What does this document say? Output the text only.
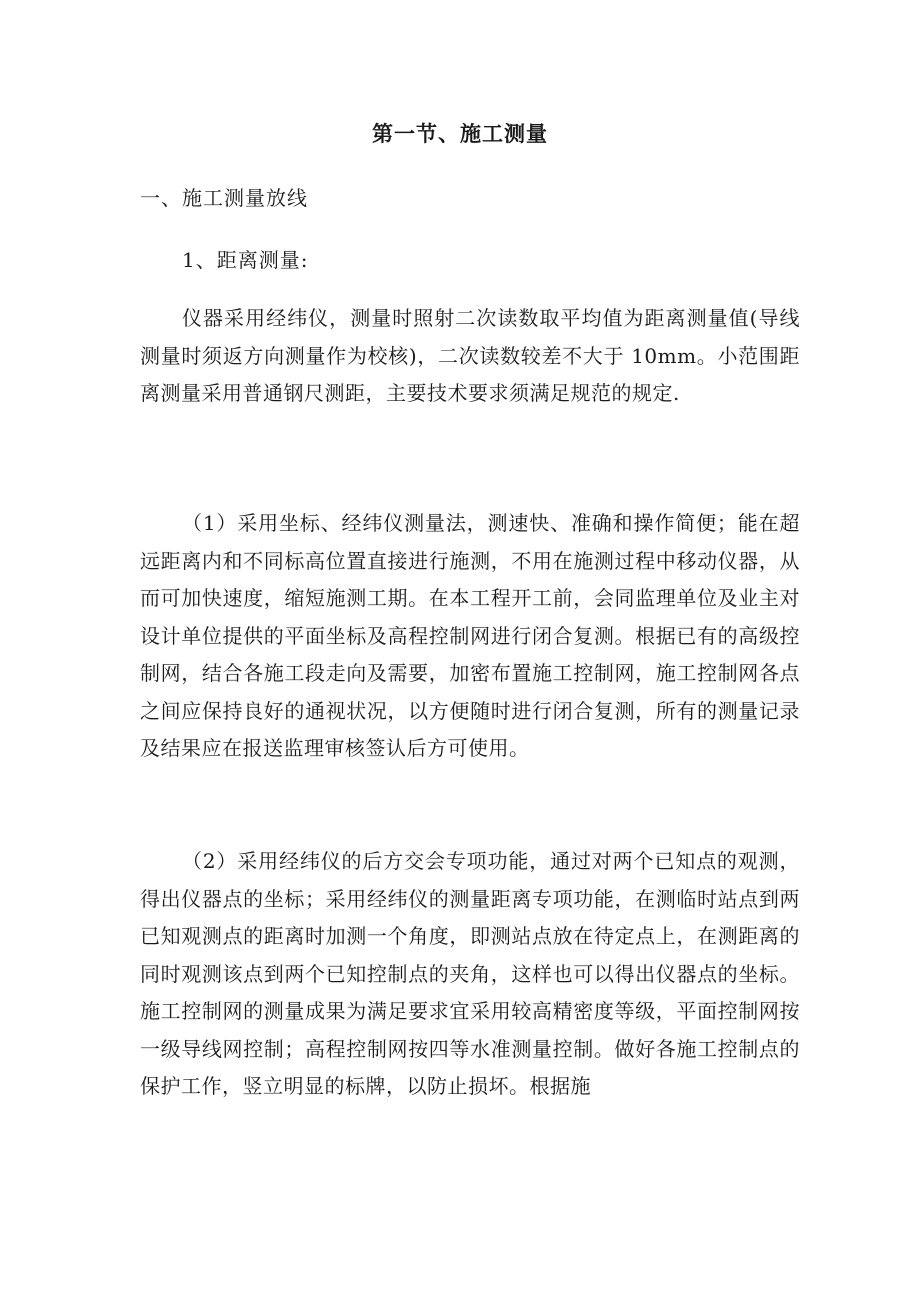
第一节、施工测量
一、施工测量放线
1、距离测量:

仪器采用经纬仪，测量时照射二次读数取平均值为距离测量值(导线测量时须返方向测量作为校核)，二次读数较差不大于 10mm。小范围距离测量采用普通钢尺测距，主要技术要求须满足规范的规定.

（1）采用坐标、经纬仪测量法，测速快、准确和操作简便；能在超远距离内和不同标高位置直接进行施测，不用在施测过程中移动仪器，从而可加快速度，缩短施测工期。在本工程开工前，会同监理单位及业主对设计单位提供的平面坐标及高程控制网进行闭合复测。根据已有的高级控制网，结合各施工段走向及需要，加密布置施工控制网，施工控制网各点之间应保持良好的通视状况，以方便随时进行闭合复测，所有的测量记录及结果应在报送监理审核签认后方可使用。

（2）采用经纬仪的后方交会专项功能，通过对两个已知点的观测，得出仪器点的坐标；采用经纬仪的测量距离专项功能，在测临时站点到两已知观测点的距离时加测一个角度，即测站点放在待定点上，在测距离的同时观测该点到两个已知控制点的夹角，这样也可以得出仪器点的坐标。施工控制网的测量成果为满足要求宜采用较高精密度等级，平面控制网按一级导线网控制；高程控制网按四等水准测量控制。做好各施工控制点的保护工作，竖立明显的标牌，以防止损坏。根据施
